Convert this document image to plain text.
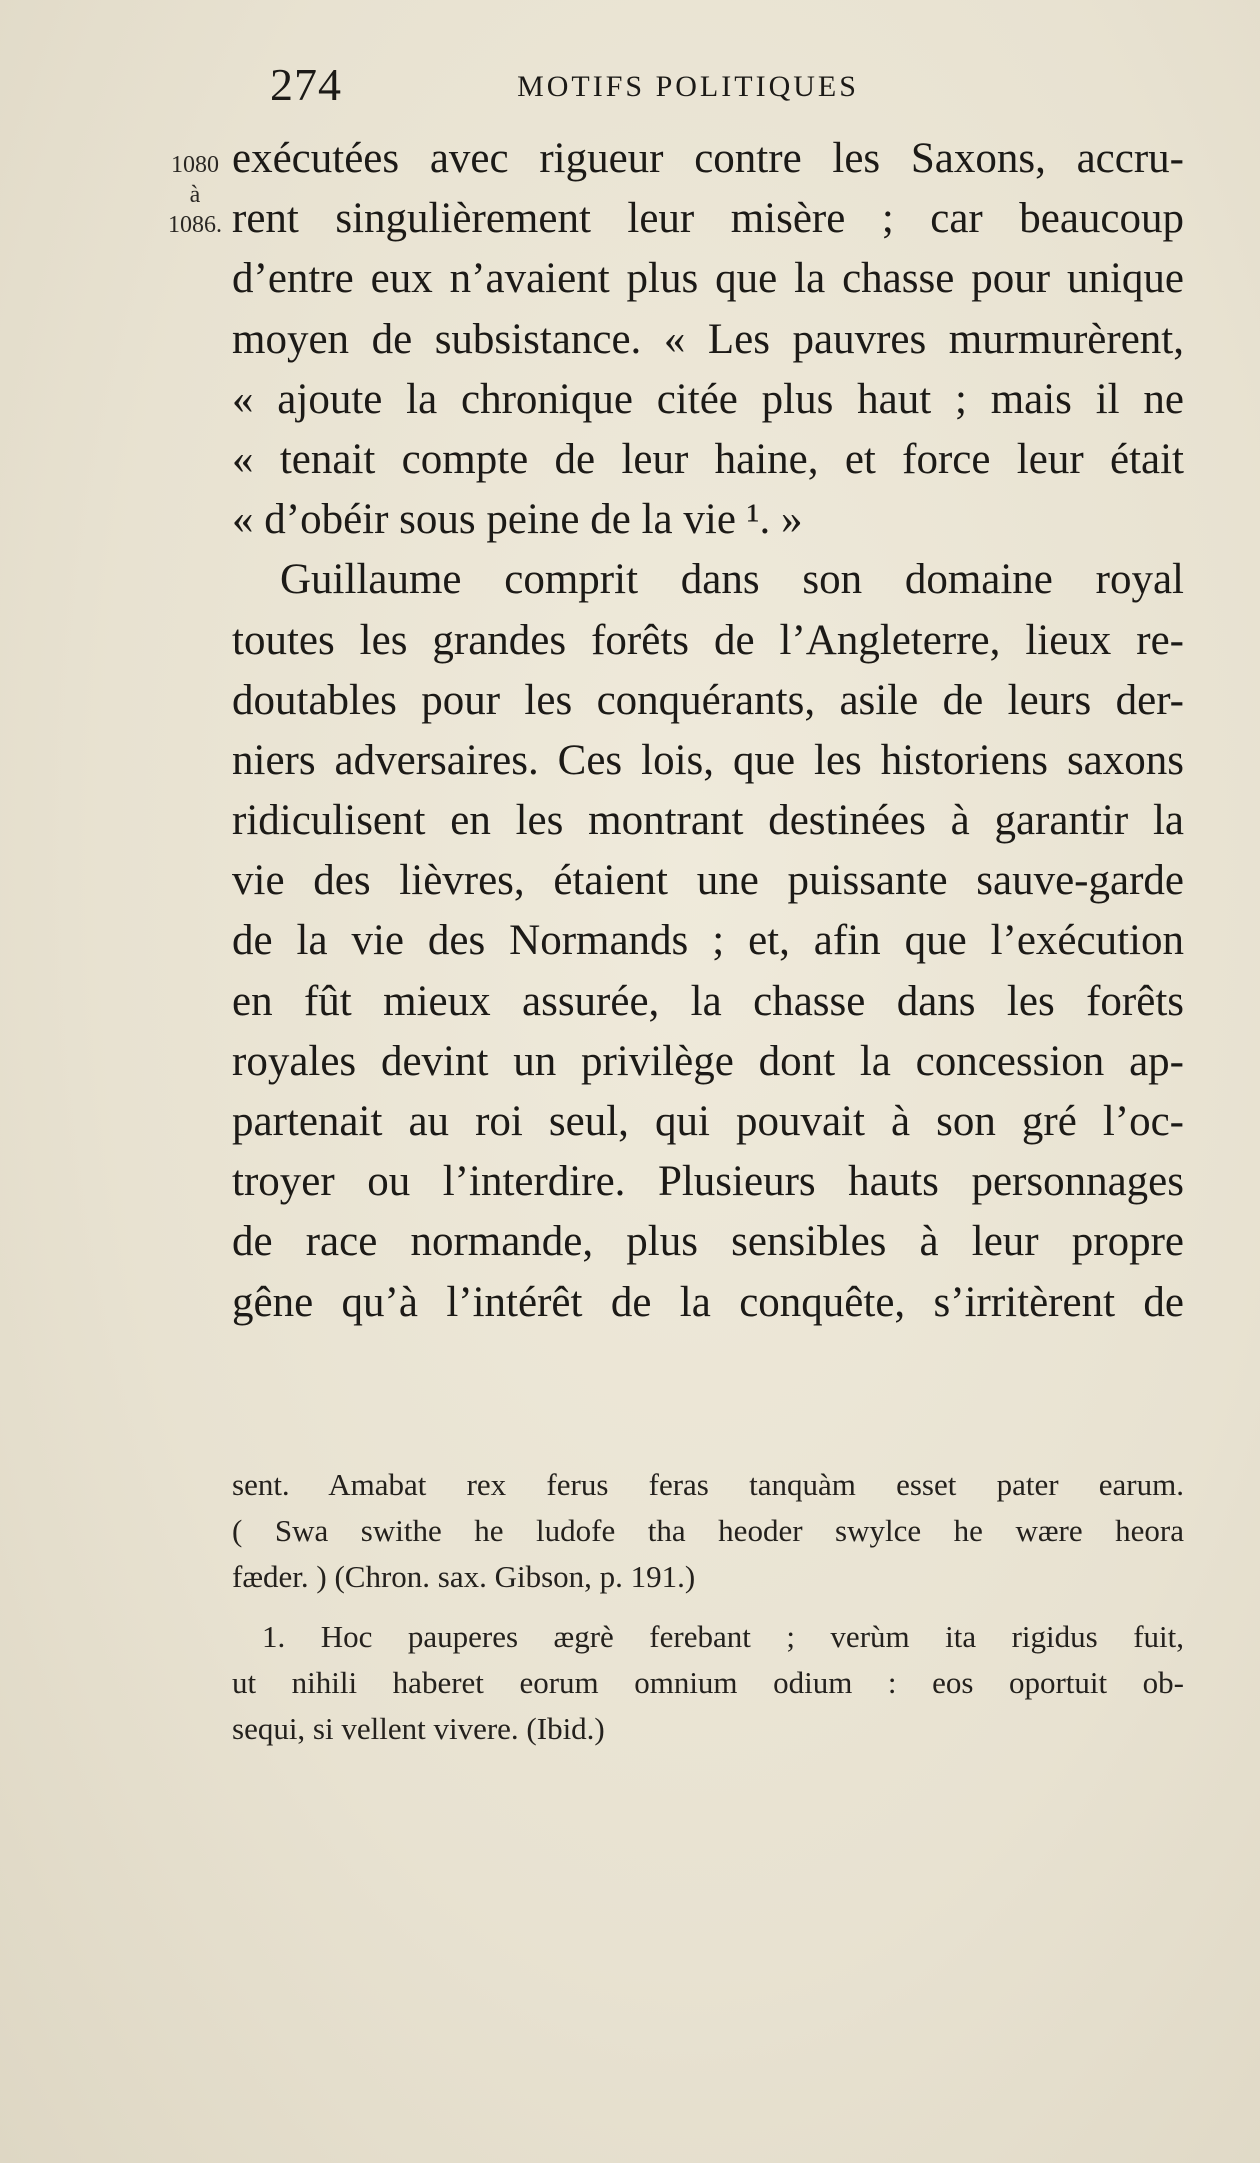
274	MOTIFS POLITIQUES
1080
à
1086.
exécutées avec rigueur contre les Saxons, accru-
rent singulièrement leur misère ; car beaucoup
d’entre eux n’avaient plus que la chasse pour unique
moyen de subsistance. « Les pauvres murmurèrent,
« ajoute la chronique citée plus haut ; mais il ne
« tenait compte de leur haine, et force leur était
« d’obéir sous peine de la vie ¹. »
Guillaume comprit dans son domaine royal
toutes les grandes forêts de l’Angleterre, lieux re-
doutables pour les conquérants, asile de leurs der-
niers adversaires. Ces lois, que les historiens saxons
ridiculisent en les montrant destinées à garantir la
vie des lièvres, étaient une puissante sauve-garde
de la vie des Normands ; et, afin que l’exécution
en fût mieux assurée, la chasse dans les forêts
royales devint un privilège dont la concession ap-
partenait au roi seul, qui pouvait à son gré l’oc-
troyer ou l’interdire. Plusieurs hauts personnages
de race normande, plus sensibles à leur propre
gêne qu’à l’intérêt de la conquête, s’irritèrent de
sent. Amabat rex ferus feras tanquàm esset pater earum.
( Swa swithe he ludofe tha heoder swylce he wære heora
fæder. ) (Chron. sax. Gibson, p. 191.)
1. Hoc pauperes ægrè ferebant ; verùm ita rigidus fuit,
ut nihili haberet eorum omnium odium : eos oportuit ob-
sequi, si vellent vivere. (Ibid.)
